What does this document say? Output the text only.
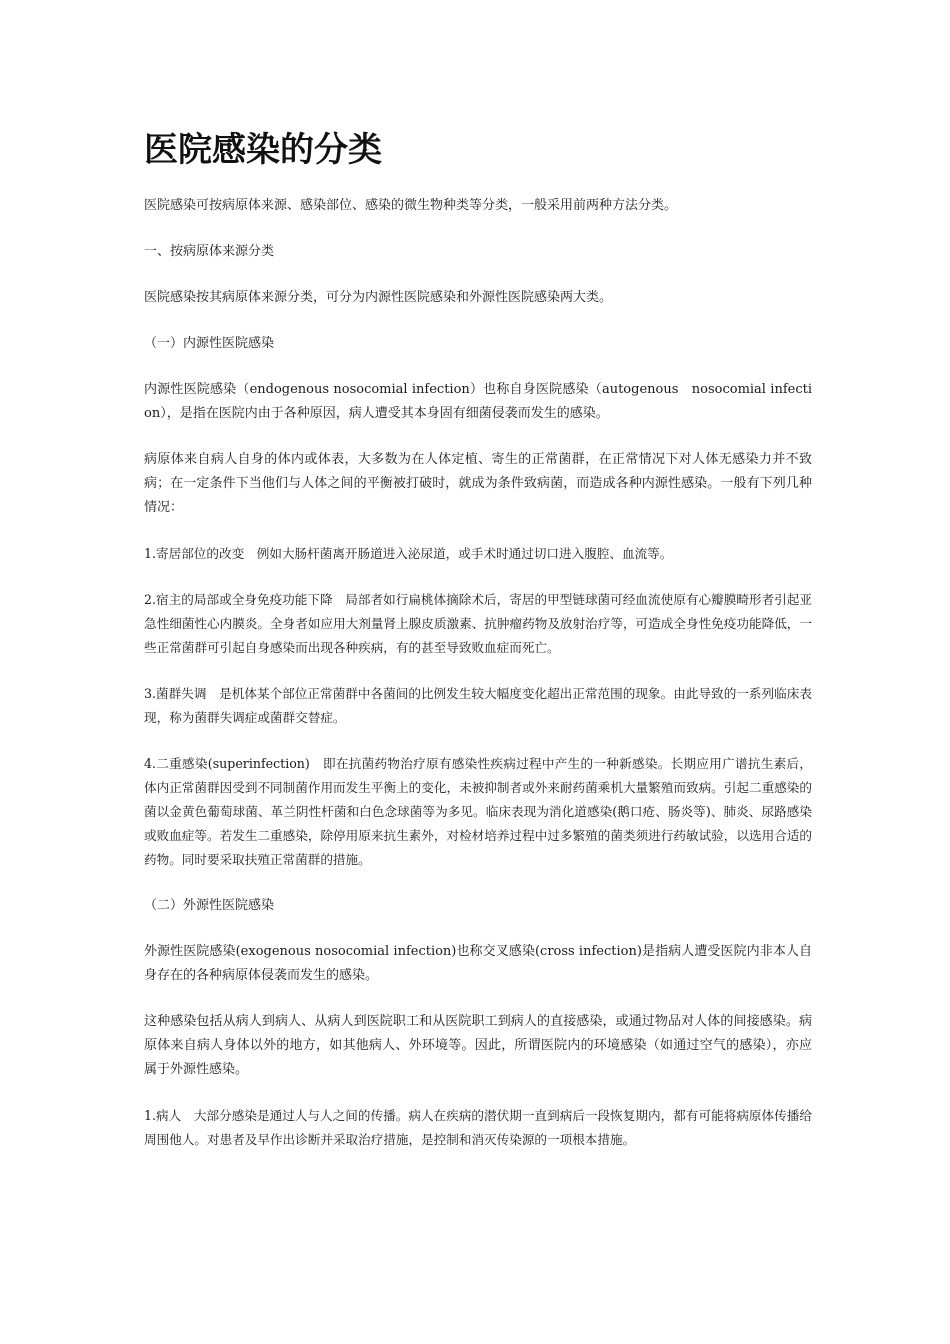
医院感染的分类

医院感染可按病原体来源、感染部位、感染的微生物种类等分类，一般采用前两种方法分类。

一、按病原体来源分类

医院感染按其病原体来源分类，可分为内源性医院感染和外源性医院感染两大类。

（一）内源性医院感染

内源性医院感染（endogenous nosocomial infection）也称自身医院感染（autogenous　nosocomial infection），是指在医院内由于各种原因，病人遭受其本身固有细菌侵袭而发生的感染。

病原体来自病人自身的体内或体表，大多数为在人体定植、寄生的正常菌群，在正常情况下对人体无感染力并不致病；在一定条件下当他们与人体之间的平衡被打破时，就成为条件致病菌，而造成各种内源性感染。一般有下列几种情况：

1.寄居部位的改变　例如大肠杆菌离开肠道进入泌尿道，或手术时通过切口进入腹腔、血流等。

2.宿主的局部或全身免疫功能下降　局部者如行扁桃体摘除术后，寄居的甲型链球菌可经血流使原有心瓣膜畸形者引起亚急性细菌性心内膜炎。全身者如应用大剂量肾上腺皮质激素、抗肿瘤药物及放射治疗等，可造成全身性免疫功能降低，一些正常菌群可引起自身感染而出现各种疾病，有的甚至导致败血症而死亡。

3.菌群失调　是机体某个部位正常菌群中各菌间的比例发生较大幅度变化超出正常范围的现象。由此导致的一系列临床表现，称为菌群失调症或菌群交替症。

4.二重感染(superinfection)　即在抗菌药物治疗原有感染性疾病过程中产生的一种新感染。长期应用广谱抗生素后，体内正常菌群因受到不同制菌作用而发生平衡上的变化，未被抑制者或外来耐药菌乘机大量繁殖而致病。引起二重感染的菌以金黄色葡萄球菌、革兰阴性杆菌和白色念球菌等为多见。临床表现为消化道感染(鹅口疮、肠炎等)、肺炎、尿路感染或败血症等。若发生二重感染，除停用原来抗生素外，对检材培养过程中过多繁殖的菌类须进行药敏试验，以选用合适的药物。同时要采取扶殖正常菌群的措施。

（二）外源性医院感染

外源性医院感染(exogenous nosocomial infection)也称交叉感染(cross infection)是指病人遭受医院内非本人自身存在的各种病原体侵袭而发生的感染。

这种感染包括从病人到病人、从病人到医院职工和从医院职工到病人的直接感染，或通过物品对人体的间接感染。病原体来自病人身体以外的地方，如其他病人、外环境等。因此，所谓医院内的环境感染（如通过空气的感染），亦应属于外源性感染。

1.病人　大部分感染是通过人与人之间的传播。病人在疾病的潜伏期一直到病后一段恢复期内，都有可能将病原体传播给周围他人。对患者及早作出诊断并采取治疗措施，是控制和消灭传染源的一项根本措施。
